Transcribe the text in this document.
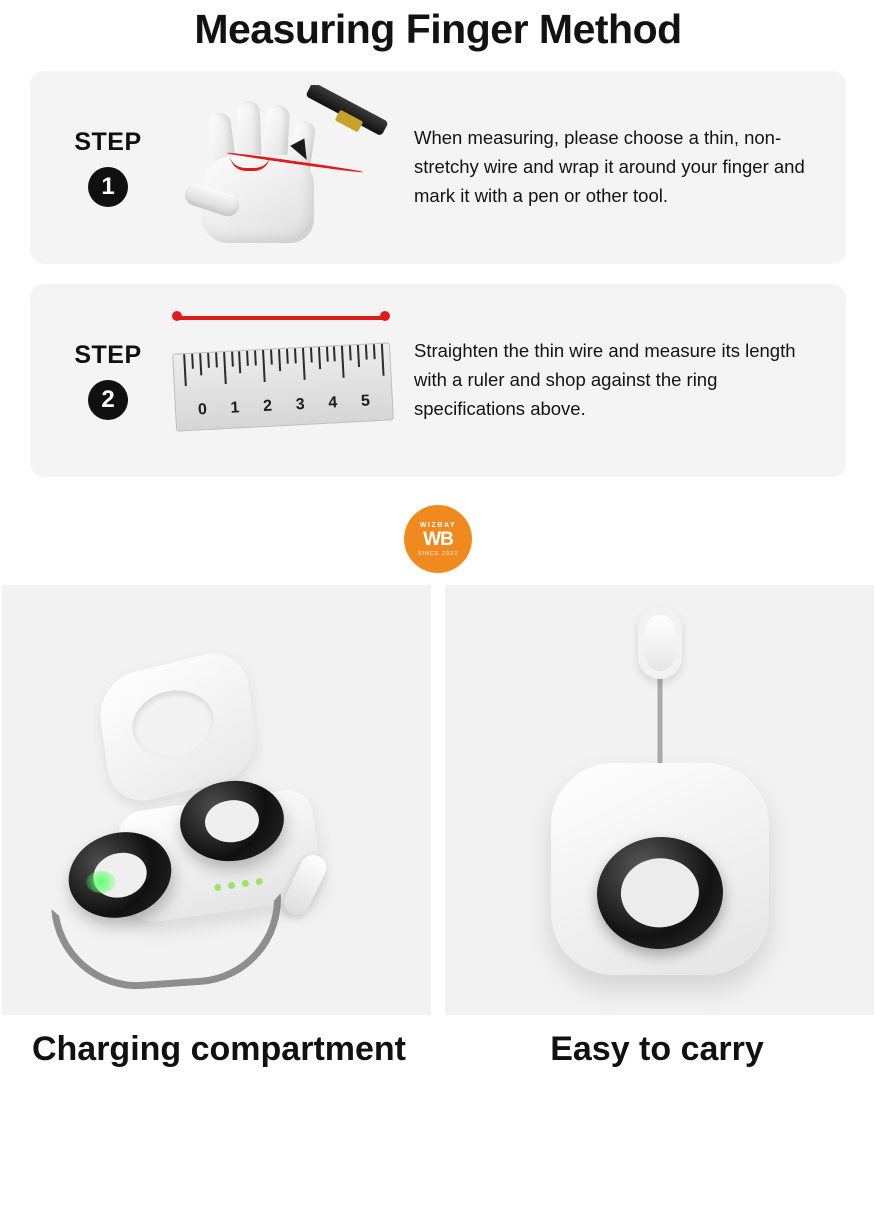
Measuring Finger Method
STEP
1
When measuring, please choose a thin, non-stretchy wire and wrap it around your finger and mark it with a pen or other tool.
STEP
2	0 1 2 3 4 5
Straighten the thin wire and measure its length with a ruler and shop against the ring specifications above.
WIZBAY
WB
SINCE 2022
Charging compartment	Easy to carry
